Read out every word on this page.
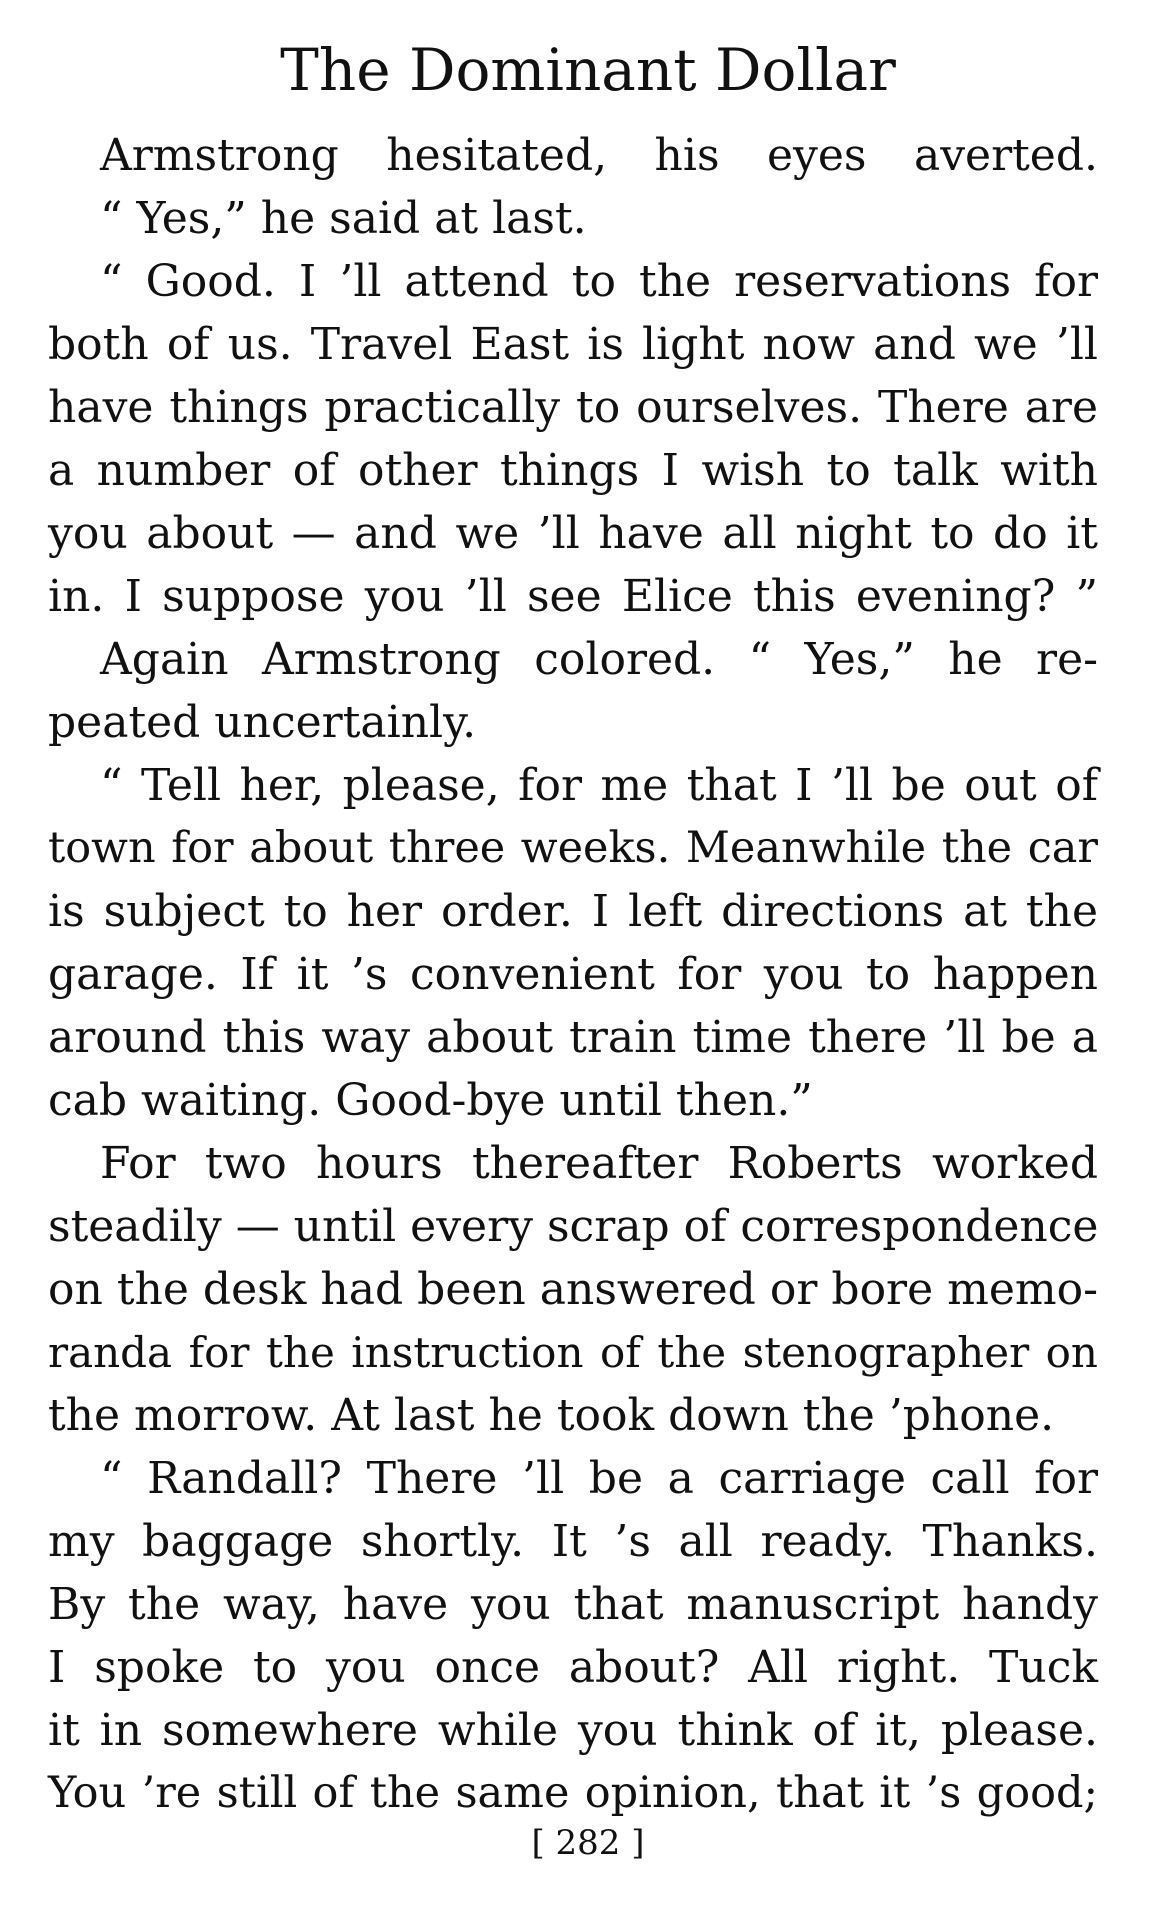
The Dominant Dollar
Armstrong hesitated, his eyes averted.
“ Yes,” he said at last.
“ Good. I ’ll attend to the reservations for
both of us. Travel East is light now and we ’ll
have things practically to ourselves. There are
a number of other things I wish to talk with
you about — and we ’ll have all night to do it
in. I suppose you ’ll see Elice this evening? ”
Again Armstrong colored. “ Yes,” he re-
peated uncertainly.
“ Tell her, please, for me that I ’ll be out of
town for about three weeks. Meanwhile the car
is subject to her order. I left directions at the
garage. If it ’s convenient for you to happen
around this way about train time there ’ll be a
cab waiting. Good-bye until then.”
For two hours thereafter Roberts worked
steadily — until every scrap of correspondence
on the desk had been answered or bore memo-
randa for the instruction of the stenographer on
the morrow. At last he took down the ’phone.
“ Randall? There ’ll be a carriage call for
my baggage shortly. It ’s all ready. Thanks.
By the way, have you that manuscript handy
I spoke to you once about? All right. Tuck
it in somewhere while you think of it, please.
You ’re still of the same opinion, that it ’s good;
[ 282 ]
